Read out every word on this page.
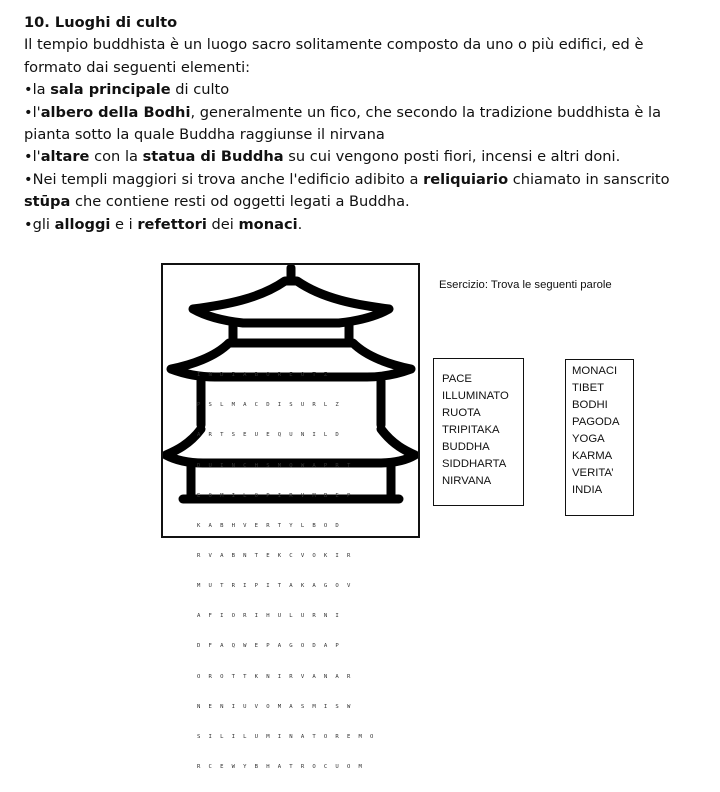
10. Luoghi di culto

Il tempio buddhista è un luogo sacro solitamente composto da uno o più edifici, ed è formato dai seguenti elementi:

•la sala principale di culto

•l'albero della Bodhi, generalmente un fico, che secondo la tradizione buddhista è la pianta sotto la quale Buddha raggiunse il nirvana

•l'altare con la statua di Buddha su cui vengono posti fiori, incensi e altri doni.

•Nei templi maggiori si trova anche l'edificio adibito a reliquiario chiamato in sanscrito stūpa che contiene resti od oggetti legati a Buddha.

•gli alloggi e i refettori dei monaci.

I N D I A B O R E O T Z

P S L M A C D I S U R L Z

A R T S E U E Q U N I L D

D U I N C H S M Q W A P R T

E O M I L O P I R V M B E P

K A B H V E R T Y L B O D

R V A B N T E K C V O K I R

M U T R I P I T A K A G O V

A F I O R I H U L U R N I

D F A Q W E P A G O D A P

O R O T T K N I R V A N A R

N E N I U V O M A S M I S W

S I L I L U M I N A T O R E M O

R C E W Y B H A T R O C U O M

Esercizio: Trova le seguenti parole
PACE
ILLUMINATO
RUOTA
TRIPITAKA
BUDDHA
SIDDHARTA
NIRVANA
MONACI
TIBET
BODHI
PAGODA
YOGA
KARMA
VERITA’
INDIA
